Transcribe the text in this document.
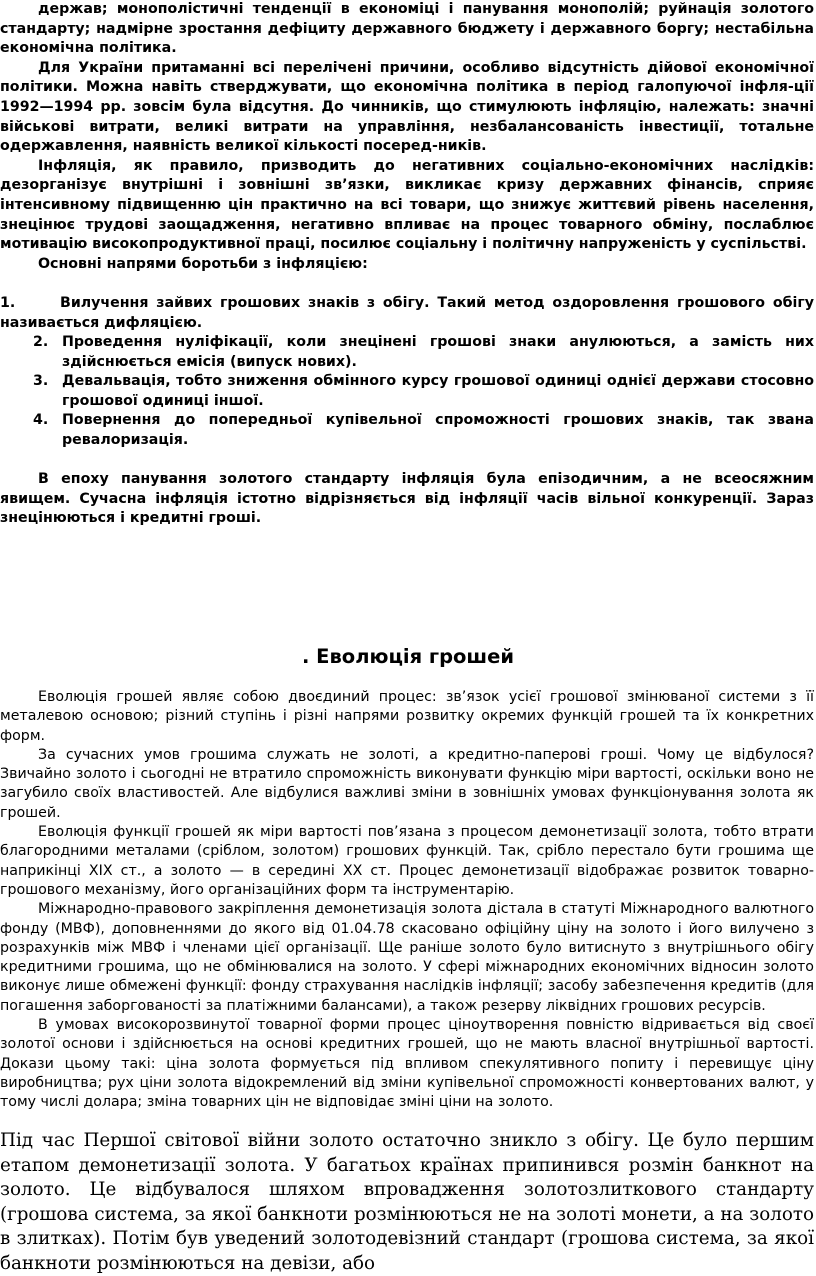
держав; монополістичні тенденції в економіці і панування монополій; руйнація золотого стандарту; надмірне зростання дефіциту державного бюджету і державного боргу; нестабільна економічна політика.

Для України притаманні всі перелічені причини, особливо відсутність дійової економічної політики. Можна навіть стверджувати, що економічна політика в період галопуючої інфля-ції 1992—1994 рр. зовсім була відсутня. До чинників, що стимулюють інфляцію, належать: значні військові витрати, великі витрати на управління, незбалансованість інвестиції, тотальне одержавлення, наявність великої кількості посеред-ників.

Інфляція, як правило, призводить до негативних соціально-економічних наслідків: дезорганізує внутрішні і зовнішні зв’язки, викликає кризу державних фінансів, сприяє інтенсивному підвищенню цін практично на всі товари, що знижує життєвий рівень населення, знецінює трудові заощадження, негативно впливає на процес товарного обміну, послаблює мотивацію високопродуктивної праці, посилює соціальну і політичну напруженість у суспільстві.

Основні напрями боротьби з інфляцією:

1.	Вилучення зайвих грошових знаків з обігу. Такий метод оздоровлення грошового обігу називається дифляцією.
2. Проведення нуліфікації, коли знецінені грошові знаки анулюються, а замість них здійснюється емісія (випуск нових).
3. Девальвація, тобто зниження обмінного курсу грошової одиниці однієї держави стосовно грошової одиниці іншої.
4. Повернення до попередньої купівельної спроможності грошових знаків, так звана ревалоризація.

В епоху панування золотого стандарту інфляція була епізодичним, а не всеосяжним явищем. Сучасна інфляція істотно відрізняється від інфляції часів вільної конкуренції. Зараз знецінюються і кредитні гроші.

. Еволюція грошей

Еволюція грошей являє собою двоєдиний процес: зв’язок усієї грошової змінюваної системи з її металевою основою; різний ступінь і різні напрями розвитку окремих функцій грошей та їх конкретних форм.

За сучасних умов грошима служать не золоті, а кредитно-паперові гроші. Чому це відбулося? Звичайно золото і сьогодні не втратило спроможність виконувати функцію міри вартості, оскільки воно не загубило своїх властивостей. Але відбулися важливі зміни в зовнішніх умовах функціонування золота як грошей.

Еволюція функції грошей як міри вартості пов’язана з процесом демонетизації золота, тобто втрати благородними металами (сріблом, золотом) грошових функцій. Так, срібло перестало бути грошима ще наприкінці XIX ст., а золото — в середині XX ст. Процес демонетизації відображає розвиток товарно-грошового механізму, його організаційних форм та інструментарію.

Міжнародно-правового закріплення демонетизація золота дістала в статуті Міжнародного валютного фонду (МВФ), доповненнями до якого від 01.04.78 скасовано офіційну ціну на золото і його вилучено з розрахунків між МВФ і членами цієї організації. Ще раніше золото було витиснуто з внутрішнього обігу кредитними грошима, що не обмінювалися на золото. У сфері міжнародних економічних відносин золото виконує лише обмежені функції: фонду страхування наслідків інфляції; засобу забезпечення кредитів (для погашення заборгованості за платіжними балансами), а також резерву ліквідних грошових ресурсів.

В умовах високорозвинутої товарної форми процес ціноутворення повністю відривається від своєї золотої основи і здійснюється на основі кредитних грошей, що не мають власної внутрішньої вартості. Докази цьому такі: ціна золота формується під впливом спекулятивного попиту і перевищує ціну виробництва; рух ціни золота відокремлений від зміни купівельної спроможності конвертованих валют, у тому числі долара; зміна товарних цін не відповідає зміні ціни на золото.

Під час Першої світової війни золото остаточно зникло з обігу. Це було першим етапом демонетизації золота. У багатьох країнах припинився розмін банкнот на золото. Це відбувалося шляхом впровадження золотозлиткового стандарту (грошова система, за якої банкноти розмінюються не на золоті монети, а на золото в злитках). Потім був уведений золотодевізний стандарт (грошова система, за якої банкноти розмінюються на девізи, або
